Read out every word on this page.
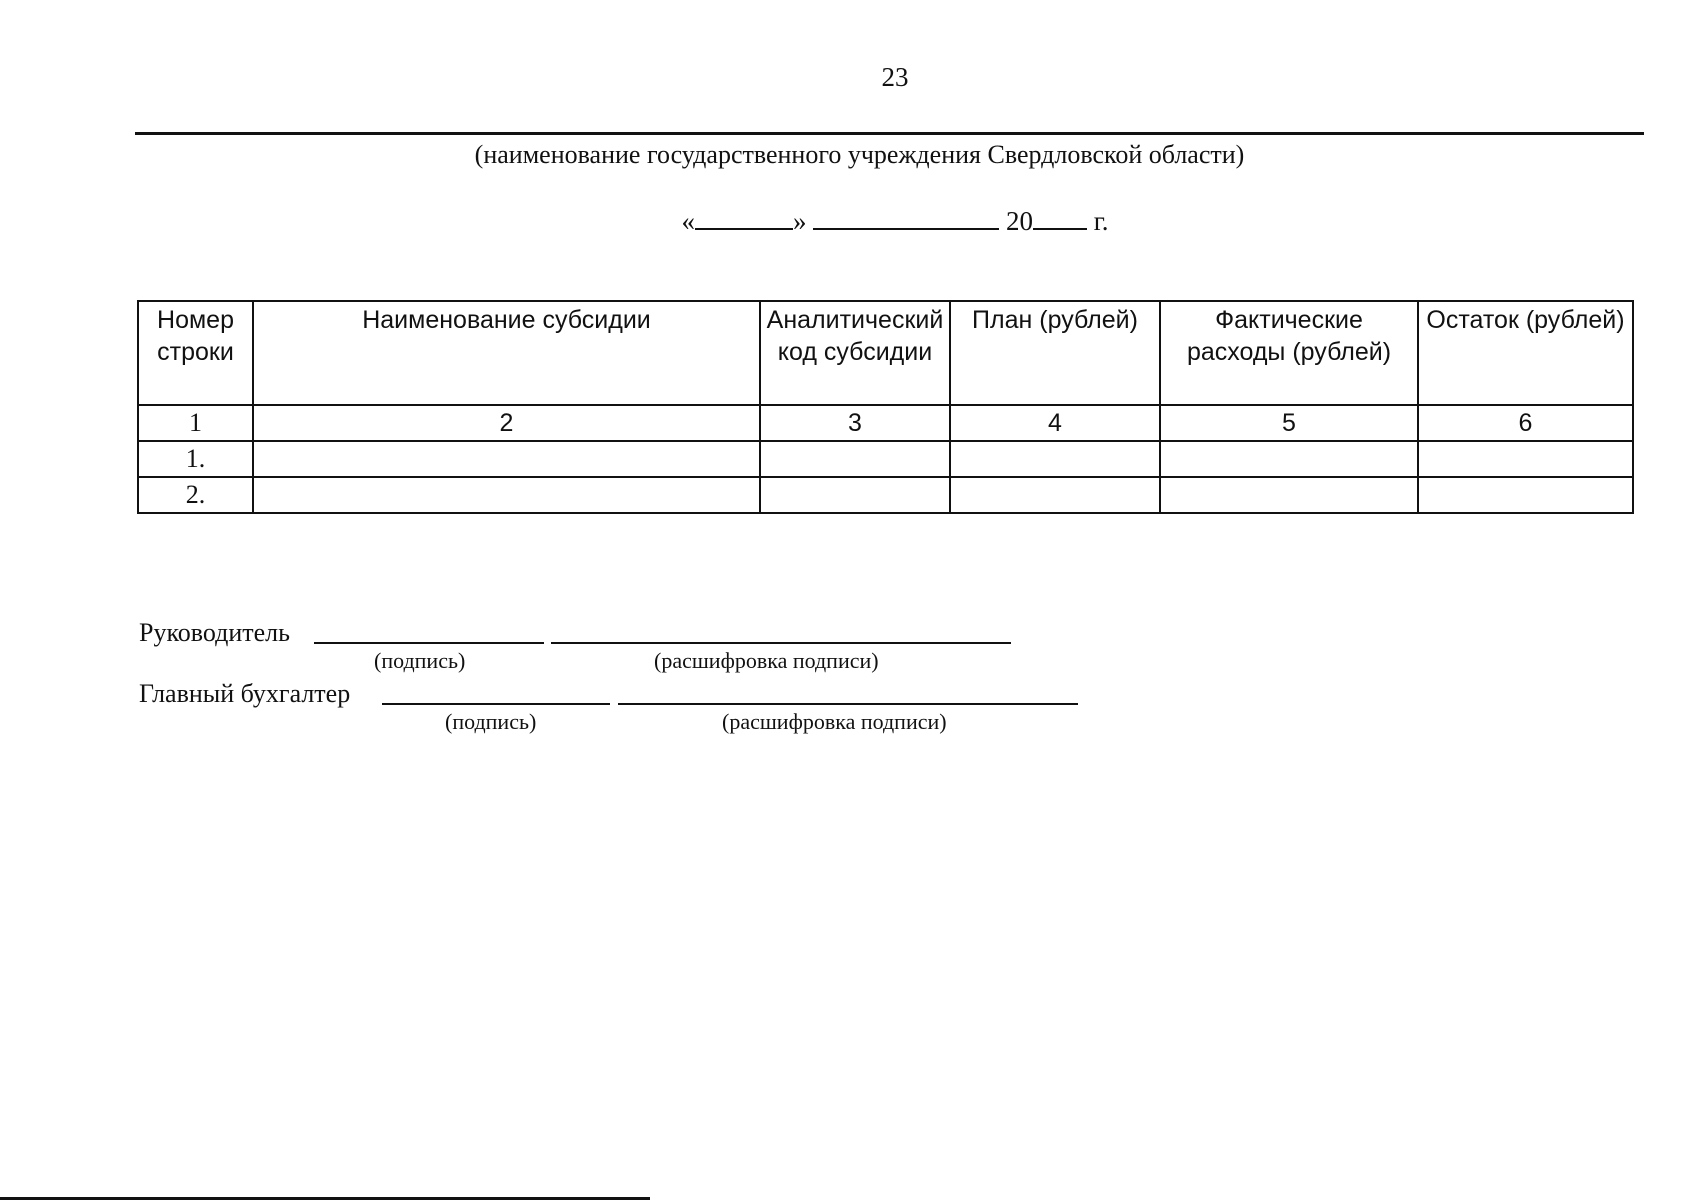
23
(наименование государственного учреждения Свердловской области)
«	»	20 г.
Номер строки	Наименование субсидии	Аналитический код субсидии	План (рублей)	Фактические расходы (рублей)	Остаток (рублей)
1	2	3	4	5	6
1.					
2.					
Руководитель
(подпись)	(расшифровка подписи)
Главный бухгалтер
(подпись)	(расшифровка подписи)
